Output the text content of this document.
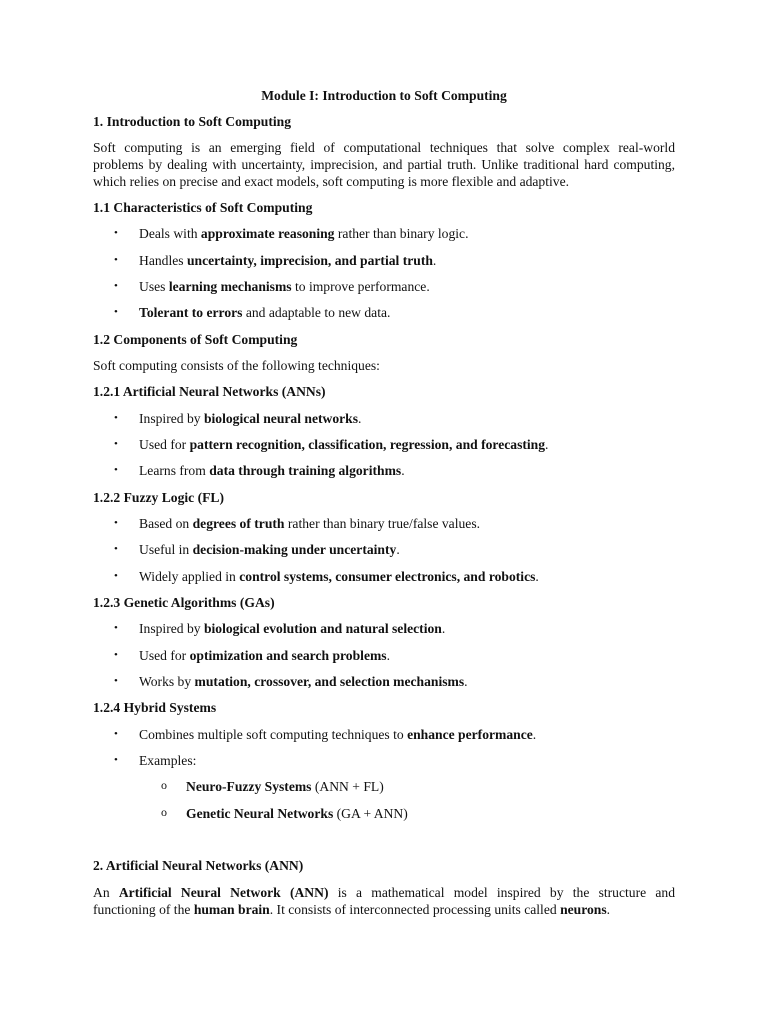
Module I: Introduction to Soft Computing
1. Introduction to Soft Computing
Soft computing is an emerging field of computational techniques that solve complex real-world
problems by dealing with uncertainty, imprecision, and partial truth. Unlike traditional hard computing,
which relies on precise and exact models, soft computing is more flexible and adaptive.
1.1 Characteristics of Soft Computing
• Deals with approximate reasoning rather than binary logic.
• Handles uncertainty, imprecision, and partial truth.
• Uses learning mechanisms to improve performance.
• Tolerant to errors and adaptable to new data.
1.2 Components of Soft Computing
Soft computing consists of the following techniques:
1.2.1 Artificial Neural Networks (ANNs)
• Inspired by biological neural networks.
• Used for pattern recognition, classification, regression, and forecasting.
• Learns from data through training algorithms.
1.2.2 Fuzzy Logic (FL)
• Based on degrees of truth rather than binary true/false values.
• Useful in decision-making under uncertainty.
• Widely applied in control systems, consumer electronics, and robotics.
1.2.3 Genetic Algorithms (GAs)
• Inspired by biological evolution and natural selection.
• Used for optimization and search problems.
• Works by mutation, crossover, and selection mechanisms.
1.2.4 Hybrid Systems
• Combines multiple soft computing techniques to enhance performance.
• Examples:
o Neuro-Fuzzy Systems (ANN + FL)
o Genetic Neural Networks (GA + ANN)
2. Artificial Neural Networks (ANN)
An Artificial Neural Network (ANN) is a mathematical model inspired by the structure and
functioning of the human brain. It consists of interconnected processing units called neurons.
